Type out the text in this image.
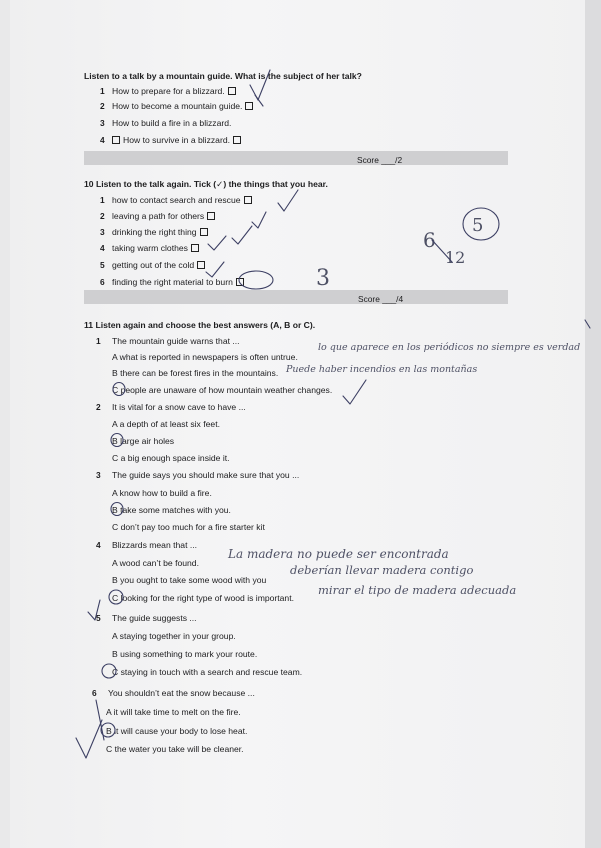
Listen to a talk by a mountain guide. What is the subject of her talk?
1 How to prepare for a blizzard.
2 How to become a mountain guide.
3 How to build a fire in a blizzard.
4	How to survive in a blizzard.
Score ___/2
10 Listen to the talk again. Tick (✓) the things that you hear.
1 how to contact search and rescue
2 leaving a path for others
3 drinking the right thing
4 taking warm clothes
5 getting out of the cold
6 finding the right material to burn
Score ___/4
11 Listen again and choose the best answers (A, B or C).
1 The mountain guide warns that ...
A what is reported in newspapers is often untrue.
B there can be forest fires in the mountains.
C people are unaware of how mountain weather changes.
2 It is vital for a snow cave to have ...
A a depth of at least six feet.
B large air holes
C a big enough space inside it.
3 The guide says you should make sure that you ...
A know how to build a fire.
B take some matches with you.
C don’t pay too much for a fire starter kit
4 Blizzards mean that ...
A wood can’t be found.
B you ought to take some wood with you
C looking for the right type of wood is important.
5 The guide suggests ...
A staying together in your group.
B using something to mark your route.
C staying in touch with a search and rescue team.
6 You shouldn’t eat the snow because ...
A it will take time to melt on the fire.
B it will cause your body to lose heat.
C the water you take will be cleaner.
lo que aparece en los periódicos no siempre es verdad
Puede haber incendios en las montañas
La madera no puede ser encontrada
deberían llevar madera contigo
mirar el tipo de madera adecuada
3
6
12
5
